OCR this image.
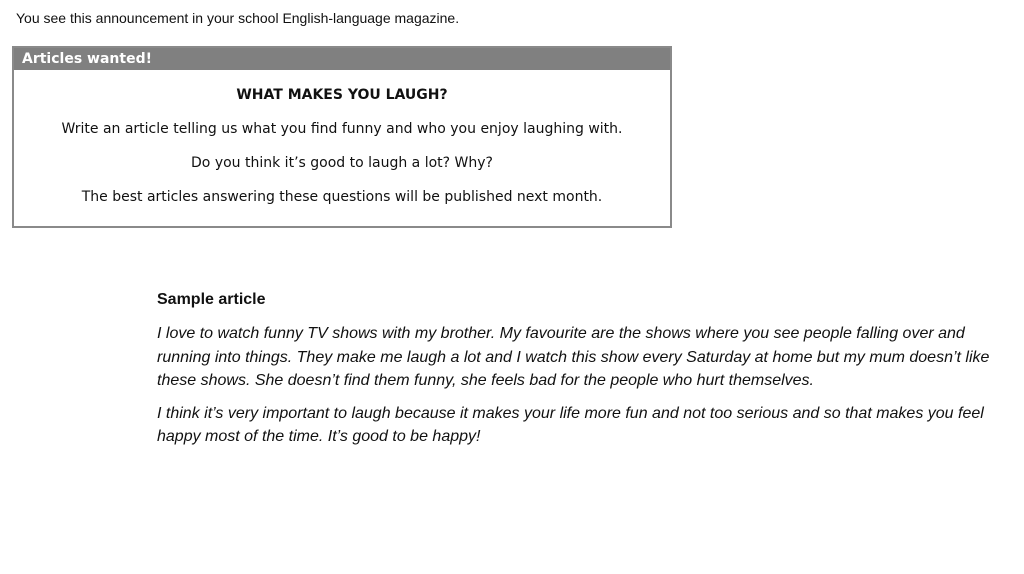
You see this announcement in your school English-language magazine.
Articles wanted!
WHAT MAKES YOU LAUGH?
Write an article telling us what you find funny and who you enjoy laughing with.
Do you think it’s good to laugh a lot? Why?
The best articles answering these questions will be published next month.
Sample article

I love to watch funny TV shows with my brother. My favourite are the shows where you see people falling over and running into things. They make me laugh a lot and I watch this show every Saturday at home but my mum doesn’t like these shows. She doesn’t find them funny, she feels bad for the people who hurt themselves.

I think it’s very important to laugh because it makes your life more fun and not too serious and so that makes you feel happy most of the time. It’s good to be happy!
